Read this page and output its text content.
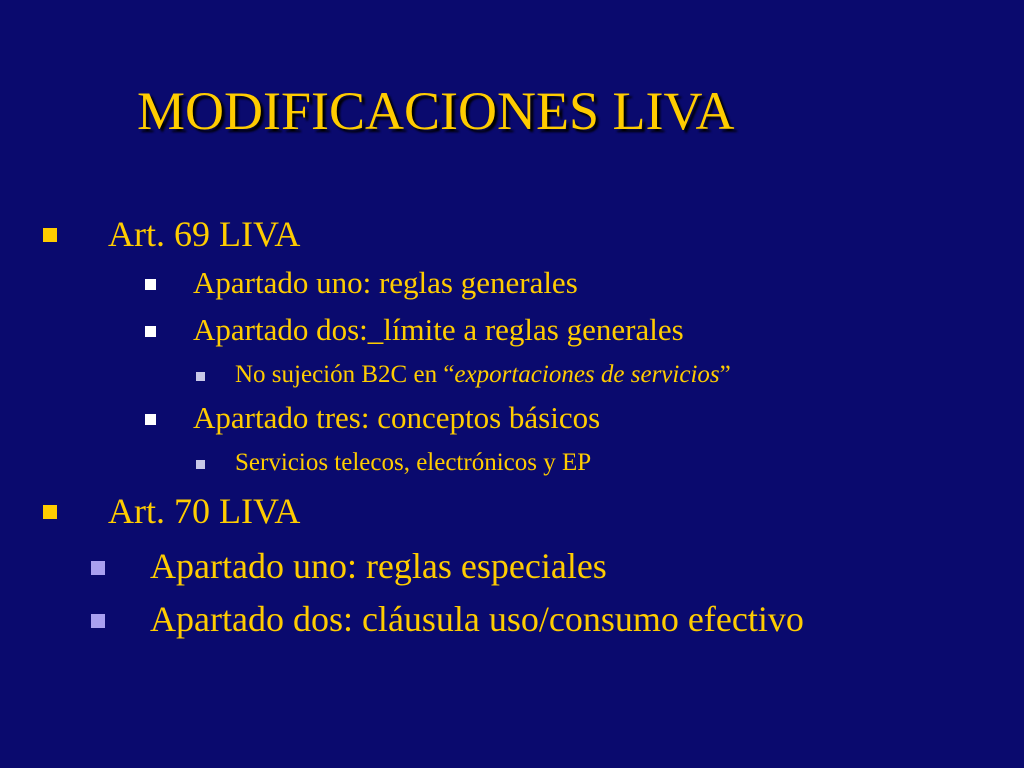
MODIFICACIONES LIVA
Art. 69 LIVA
Apartado uno: reglas generales
Apartado dos:_límite a reglas generales
No sujeción B2C en “exportaciones de servicios”
Apartado tres: conceptos básicos
Servicios telecos, electrónicos y EP
Art. 70 LIVA
Apartado uno: reglas especiales
Apartado dos: cláusula uso/consumo efectivo
